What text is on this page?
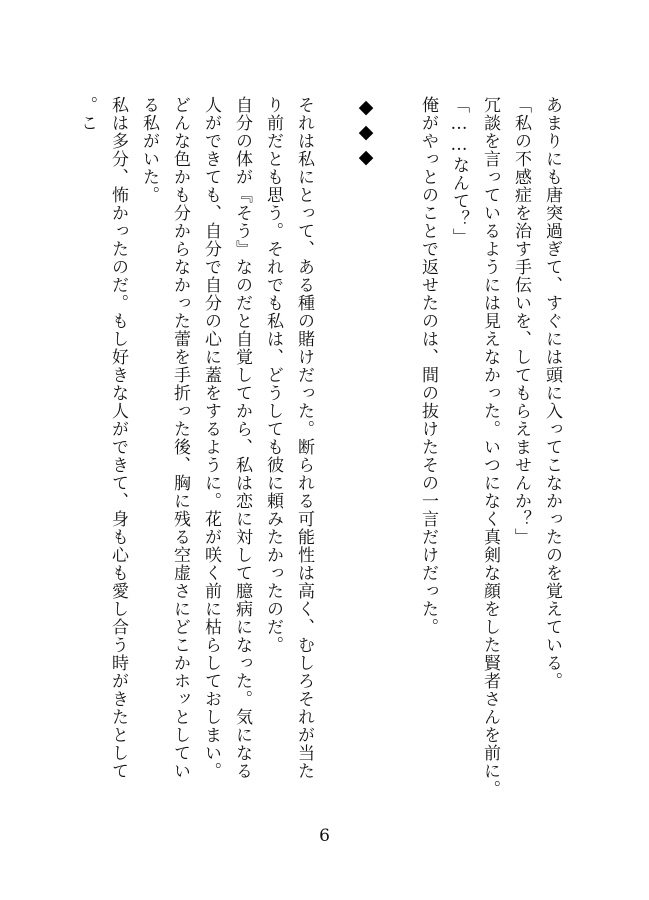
あまりにも唐突過ぎて、すぐには頭に入ってこなかったのを覚えている。
「私の不感症を治す手伝いを、してもらえませんか？」
冗談を言っているようには見えなかった。いつになく真剣な顔をした賢者さんを前に。
「……なんて？」
俺がやっとのことで返せたのは、間の抜けたその一言だけだった。
◆◆◆
それは私にとって、ある種の賭けだった。断られる可能性は高く、むしろそれが当たり前だとも思う。それでも私は、どうしても彼に頼みたかったのだ。
自分の体が『そう』なのだと自覚してから、私は恋に対して臆病になった。気になる人ができても、自分で自分の心に蓋をするように。花が咲く前に枯らしておしまい。どんな色かも分からなかった蕾を手折った後、胸に残る空虚さにどこかホッとしている私がいた。
私は多分、怖かったのだ。もし好きな人ができて、身も心も愛し合う時がきたとして。こ
6
